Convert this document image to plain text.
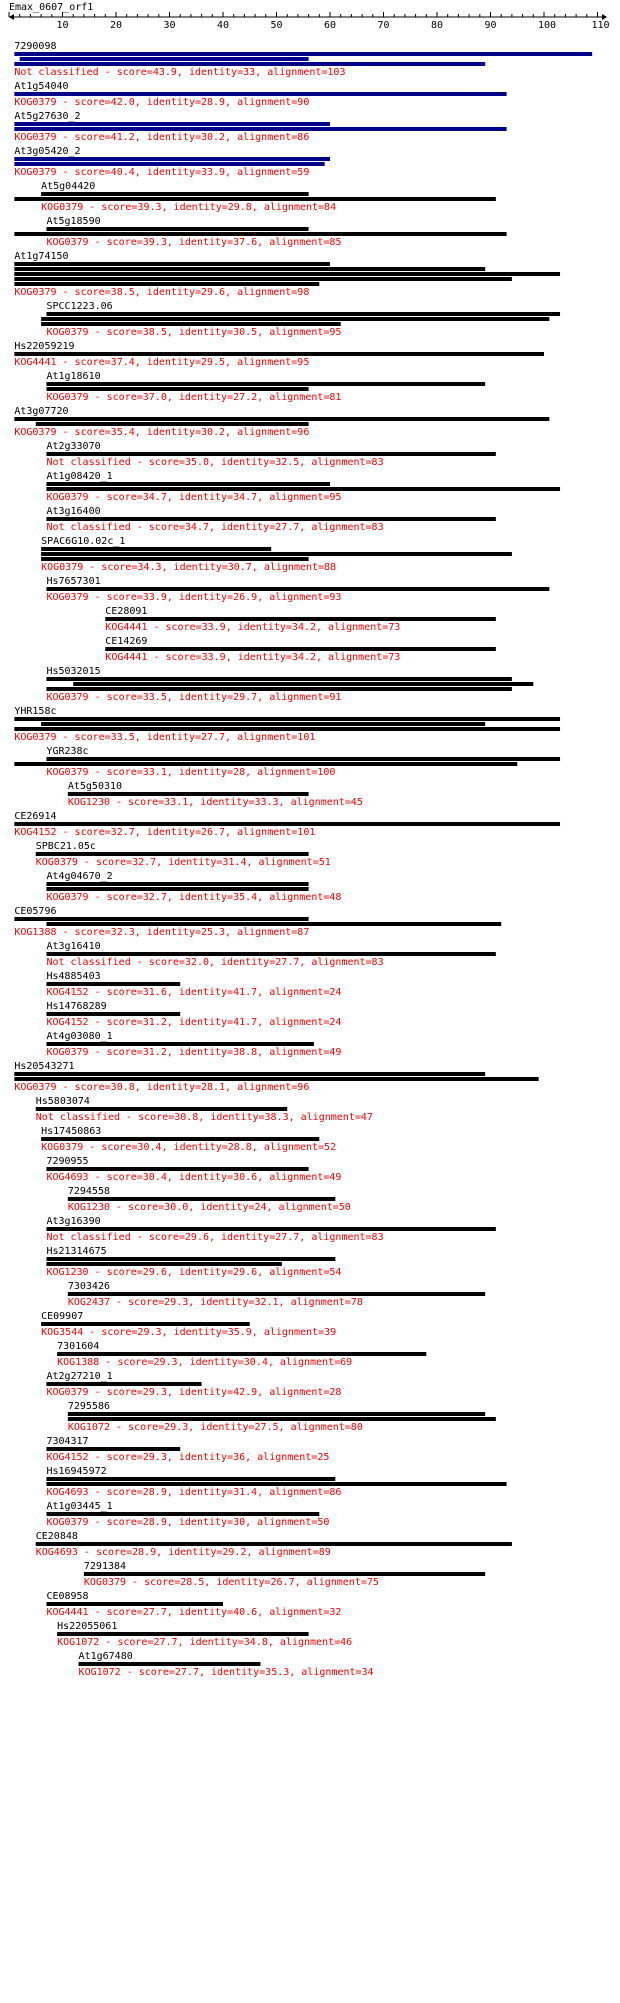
Emax_0607_orf1
10	20	30	40	50	60	70	80	90	100	110
7290098
Not classified - score=43.9, identity=33, alignment=103
At1g54040
KOG0379 - score=42.0, identity=28.9, alignment=90
At5g27630_2
KOG0379 - score=41.2, identity=30.2, alignment=86
At3g05420_2
KOG0379 - score=40.4, identity=33.9, alignment=59
At5g04420
KOG0379 - score=39.3, identity=29.8, alignment=84
At5g18590
KOG0379 - score=39.3, identity=37.6, alignment=85
At1g74150
KOG0379 - score=38.5, identity=29.6, alignment=98
SPCC1223.06
KOG0379 - score=38.5, identity=30.5, alignment=95
Hs22059219
KOG4441 - score=37.4, identity=29.5, alignment=95
At1g18610
KOG0379 - score=37.0, identity=27.2, alignment=81
At3g07720
KOG0379 - score=35.4, identity=30.2, alignment=96
At2g33070
Not classified - score=35.0, identity=32.5, alignment=83
At1g08420_1
KOG0379 - score=34.7, identity=34.7, alignment=95
At3g16400
Not classified - score=34.7, identity=27.7, alignment=83
SPAC6G10.02c_1
KOG0379 - score=34.3, identity=30.7, alignment=88
Hs7657301
KOG0379 - score=33.9, identity=26.9, alignment=93
CE28091
KOG4441 - score=33.9, identity=34.2, alignment=73
CE14269
KOG4441 - score=33.9, identity=34.2, alignment=73
Hs5032015
KOG0379 - score=33.5, identity=29.7, alignment=91
YHR158c
KOG0379 - score=33.5, identity=27.7, alignment=101
YGR238c
KOG0379 - score=33.1, identity=28, alignment=100
At5g50310
KOG1230 - score=33.1, identity=33.3, alignment=45
CE26914
KOG4152 - score=32.7, identity=26.7, alignment=101
SPBC21.05c
KOG0379 - score=32.7, identity=31.4, alignment=51
At4g04670_2
KOG0379 - score=32.7, identity=35.4, alignment=48
CE05796
KOG1388 - score=32.3, identity=25.3, alignment=87
At3g16410
Not classified - score=32.0, identity=27.7, alignment=83
Hs4885403
KOG4152 - score=31.6, identity=41.7, alignment=24
Hs14768289
KOG4152 - score=31.2, identity=41.7, alignment=24
At4g03080_1
KOG0379 - score=31.2, identity=38.8, alignment=49
Hs20543271
KOG0379 - score=30.8, identity=28.1, alignment=96
Hs5803074
Not classified - score=30.8, identity=38.3, alignment=47
Hs17450863
KOG0379 - score=30.4, identity=28.8, alignment=52
7290955
KOG4693 - score=30.4, identity=30.6, alignment=49
7294558
KOG1230 - score=30.0, identity=24, alignment=50
At3g16390
Not classified - score=29.6, identity=27.7, alignment=83
Hs21314675
KOG1230 - score=29.6, identity=29.6, alignment=54
7303426
KOG2437 - score=29.3, identity=32.1, alignment=78
CE09907
KOG3544 - score=29.3, identity=35.9, alignment=39
7301604
KOG1388 - score=29.3, identity=30.4, alignment=69
At2g27210_1
KOG0379 - score=29.3, identity=42.9, alignment=28
7295586
KOG1072 - score=29.3, identity=27.5, alignment=80
7304317
KOG4152 - score=29.3, identity=36, alignment=25
Hs16945972
KOG4693 - score=28.9, identity=31.4, alignment=86
At1g03445_1
KOG0379 - score=28.9, identity=30, alignment=50
CE20848
KOG4693 - score=28.9, identity=29.2, alignment=89
7291384
KOG0379 - score=28.5, identity=26.7, alignment=75
CE08958
KOG4441 - score=27.7, identity=40.6, alignment=32
Hs22055061
KOG1072 - score=27.7, identity=34.8, alignment=46
At1g67480
KOG1072 - score=27.7, identity=35.3, alignment=34
